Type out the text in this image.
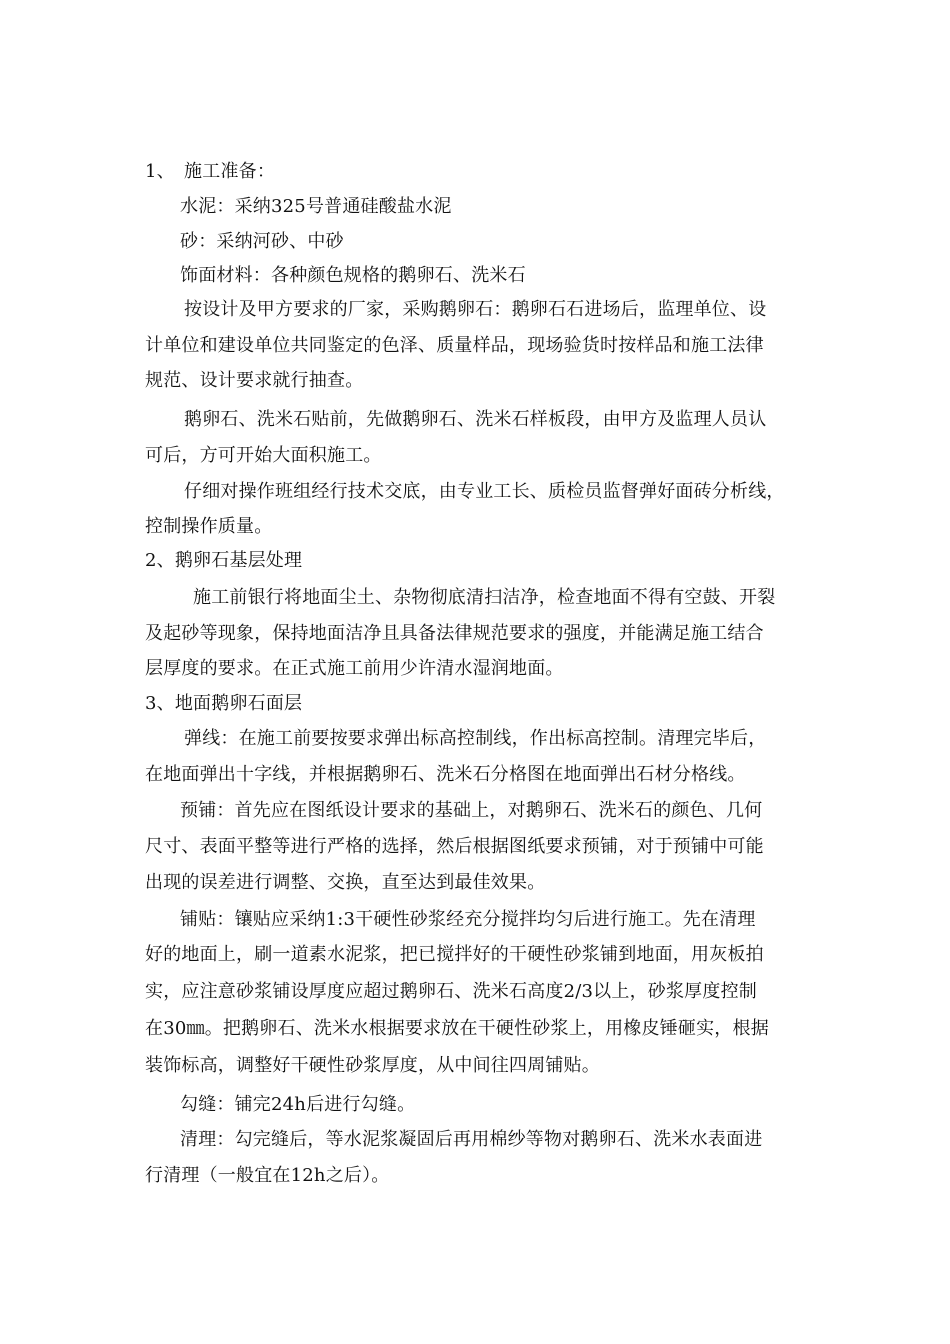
1、　施工准备：
水泥：采纳325号普通硅酸盐水泥
砂：采纳河砂、中砂
饰面材料：各种颜色规格的鹅卵石、洗米石
按设计及甲方要求的厂家，采购鹅卵石：鹅卵石石进场后，监理单位、设
计单位和建设单位共同鉴定的色泽、质量样品，现场验货时按样品和施工法律
规范、设计要求就行抽查。
鹅卵石、洗米石贴前，先做鹅卵石、洗米石样板段，由甲方及监理人员认
可后，方可开始大面积施工。
仔细对操作班组经行技术交底，由专业工长、质检员监督弹好面砖分析线，
控制操作质量。
2、鹅卵石基层处理
施工前银行将地面尘土、杂物彻底清扫洁净，检查地面不得有空鼓、开裂
及起砂等现象，保持地面洁净且具备法律规范要求的强度，并能满足施工结合
层厚度的要求。在正式施工前用少许清水湿润地面。
3、地面鹅卵石面层
弹线：在施工前要按要求弹出标高控制线，作出标高控制。清理完毕后，
在地面弹出十字线，并根据鹅卵石、洗米石分格图在地面弹出石材分格线。
预铺：首先应在图纸设计要求的基础上，对鹅卵石、洗米石的颜色、几何
尺寸、表面平整等进行严格的选择，然后根据图纸要求预铺，对于预铺中可能
出现的误差进行调整、交换，直至达到最佳效果。
铺贴：镶贴应采纳1:3干硬性砂浆经充分搅拌均匀后进行施工。先在清理
好的地面上，刷一道素水泥浆，把已搅拌好的干硬性砂浆铺到地面，用灰板拍
实，应注意砂浆铺设厚度应超过鹅卵石、洗米石高度2/3以上，砂浆厚度控制
在30㎜。把鹅卵石、洗米水根据要求放在干硬性砂浆上，用橡皮锤砸实，根据
装饰标高，调整好干硬性砂浆厚度，从中间往四周铺贴。
勾缝：铺完24h后进行勾缝。
清理：勾完缝后，等水泥浆凝固后再用棉纱等物对鹅卵石、洗米水表面进
行清理（一般宜在12h之后）。
